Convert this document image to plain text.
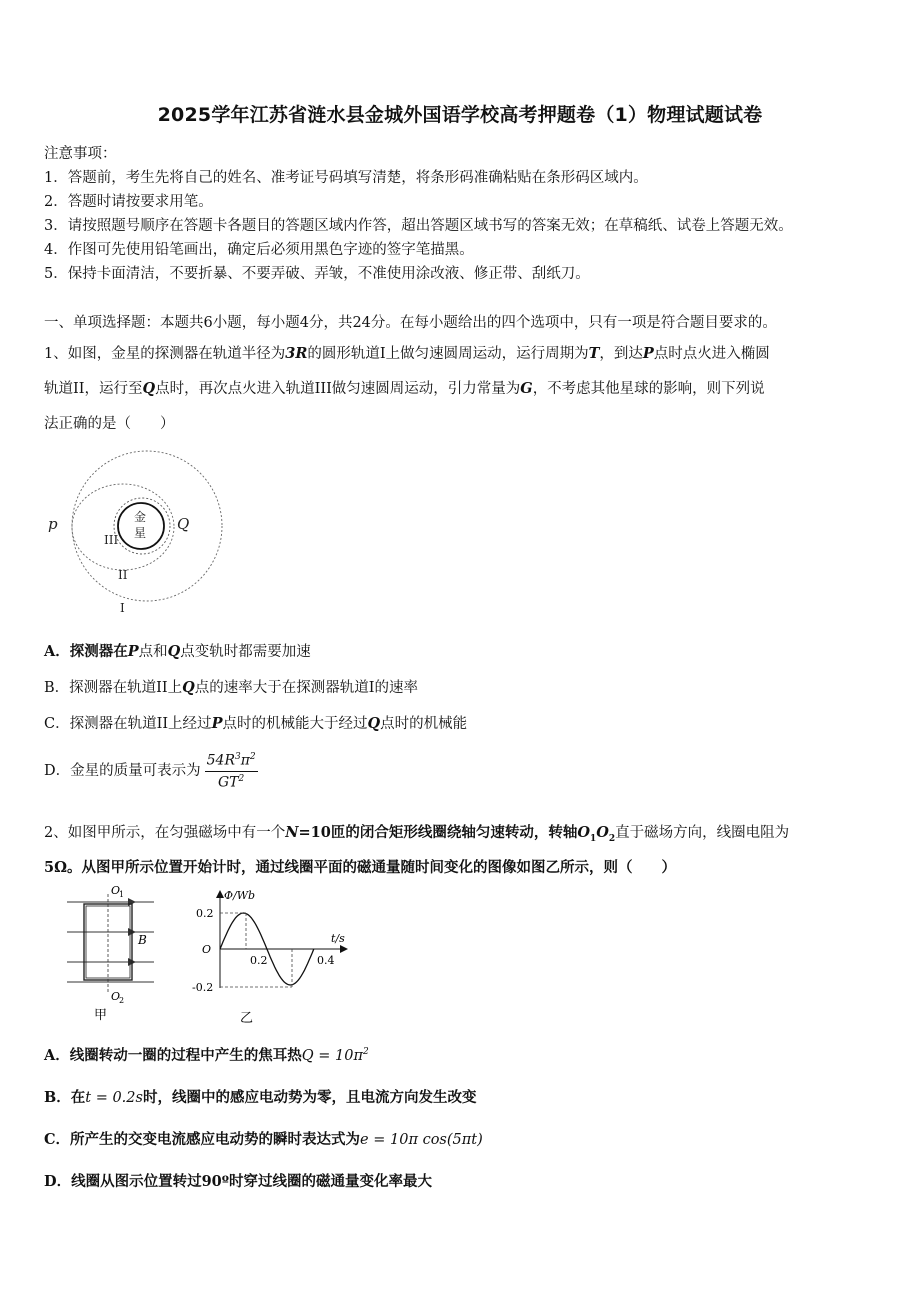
2025学年江苏省涟水县金城外国语学校高考押题卷（1）物理试题试卷
注意事项：
1．答题前，考生先将自己的姓名、准考证号码填写清楚，将条形码准确粘贴在条形码区域内。
2．答题时请按要求用笔。
3．请按照题号顺序在答题卡各题目的答题区域内作答，超出答题区域书写的答案无效；在草稿纸、试卷上答题无效。
4．作图可先使用铅笔画出，确定后必须用黑色字迹的签字笔描黑。
5．保持卡面清洁，不要折暴、不要弄破、弄皱，不准使用涂改液、修正带、刮纸刀。
一、单项选择题：本题共6小题，每小题4分，共24分。在每小题给出的四个选项中，只有一项是符合题目要求的。
1、如图，金星的探测器在轨道半径为3R的圆形轨道I上做匀速圆周运动，运行周期为T，到达P点时点火进入椭圆
轨道II，运行至Q点时，再次点火进入轨道III做匀速圆周运动，引力常量为G，不考虑其他星球的影响，则下列说
法正确的是（　　）
p	Q
金
星
III
II
I
A．探测器在P点和Q点变轨时都需要加速
B．探测器在轨道II上Q点的速率大于在探测器轨道I的速率
C．探测器在轨道II上经过P点时的机械能大于经过Q点时的机械能
D．金星的质量可表示为 $\frac{54R^3\pi^2}{GT^2}$
2、如图甲所示，在匀强磁场中有一个N=10匝的闭合矩形线圈绕轴匀速转动，转轴$O_1O_2$直于磁场方向，线圈电阻为
5Ω。从图甲所示位置开始计时，通过线圈平面的磁通量随时间变化的图像如图乙所示，则（　　）
O
1
O
2
B
甲
Φ/Wb
t/s
O
0.2
-0.2
0.2	0.4
乙
A．线圈转动一圈的过程中产生的焦耳热$Q = 10\pi^2$
B．在t = 0.2s时，线圈中的感应电动势为零，且电流方向发生改变
C．所产生的交变电流感应电动势的瞬时表达式为e = 10π cos(5πt)
D．线圈从图示位置转过90º时穿过线圈的磁通量变化率最大
